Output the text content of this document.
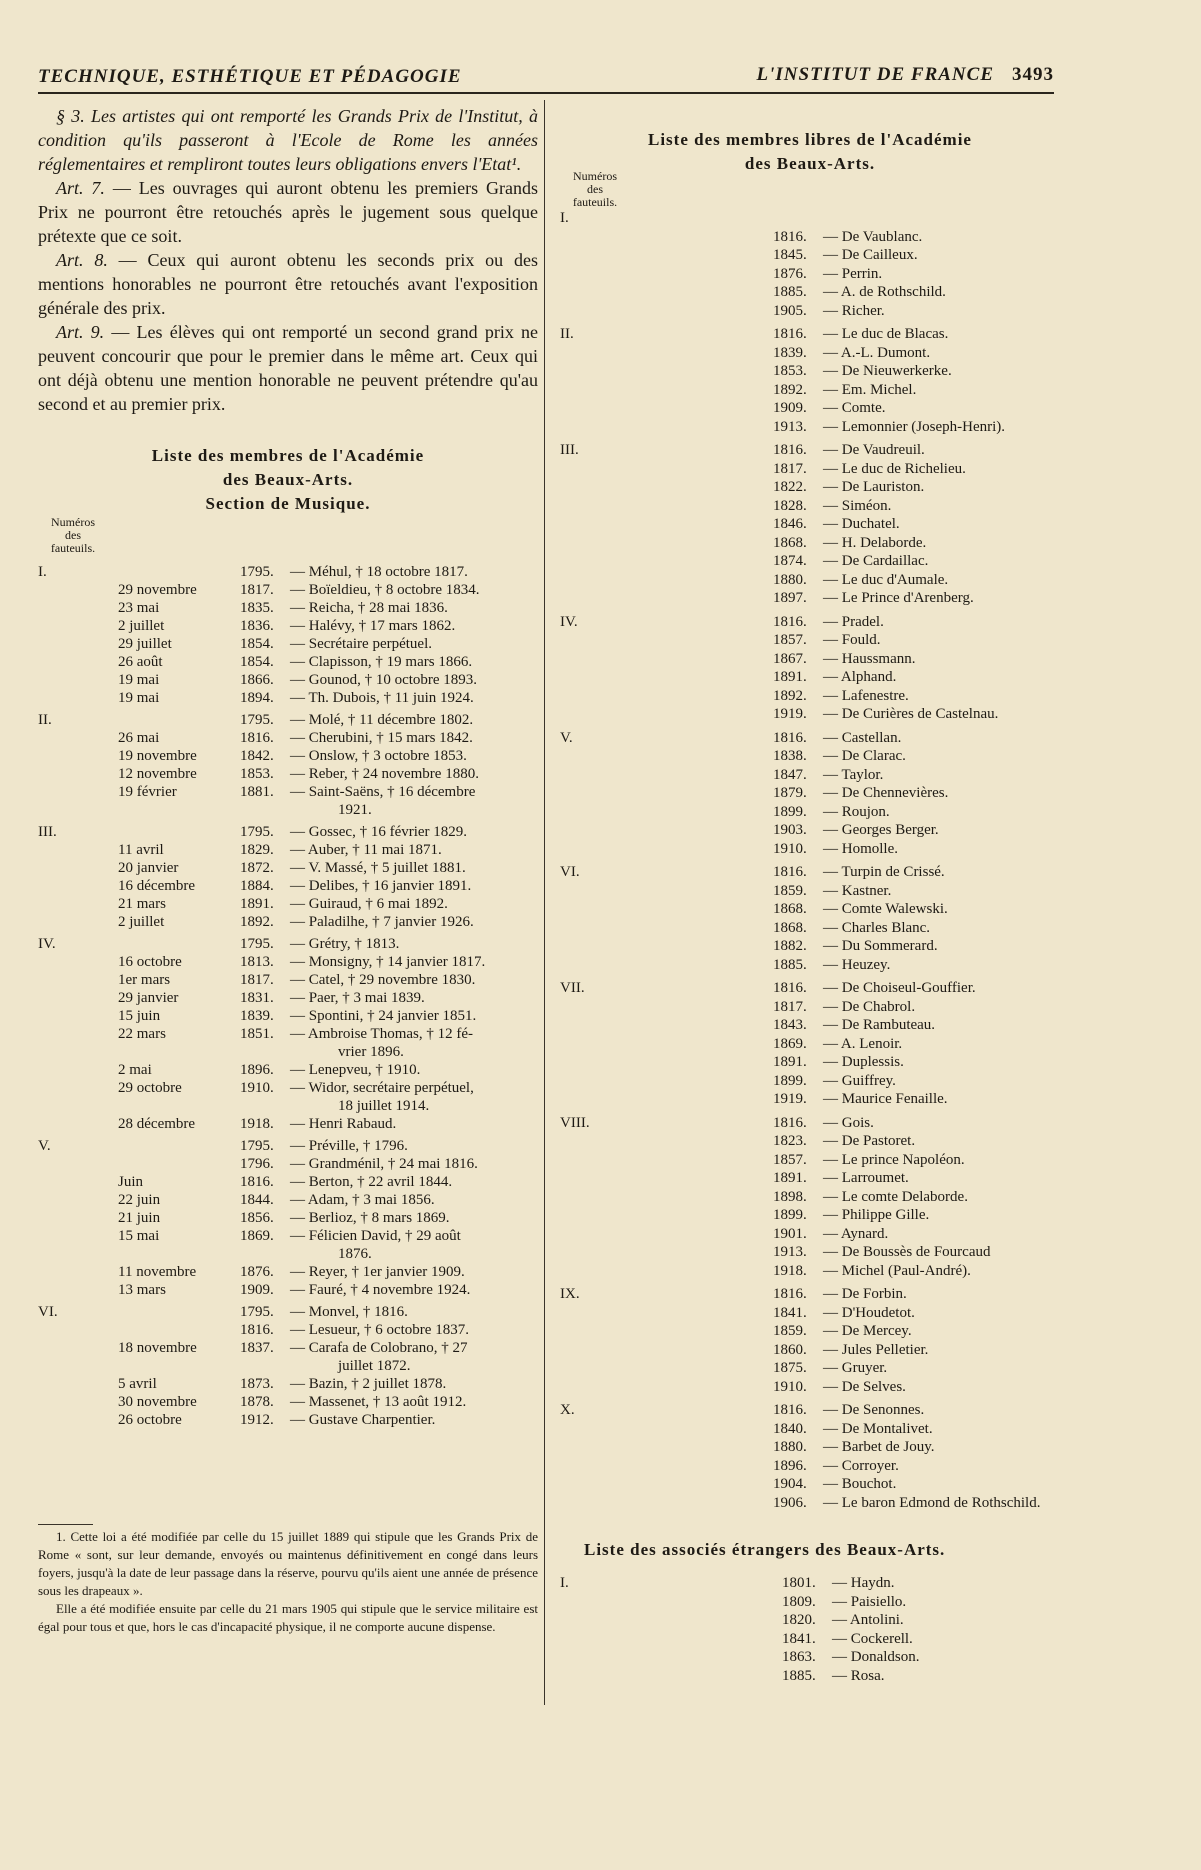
TECHNIQUE, ESTHÉTIQUE ET PÉDAGOGIE	L'INSTITUT DE FRANCE 3493

§ 3. Les artistes qui ont remporté les Grands Prix de l'Institut, à condition qu'ils passeront à l'Ecole de Rome les années réglementaires et rempliront toutes leurs obligations envers l'Etat¹.

Art. 7. — Les ouvrages qui auront obtenu les premiers Grands Prix ne pourront être retouchés après le jugement sous quelque prétexte que ce soit.

Art. 8. — Ceux qui auront obtenu les seconds prix ou des mentions honorables ne pourront être retouchés avant l'exposition générale des prix.

Art. 9. — Les élèves qui ont remporté un second grand prix ne peuvent concourir que pour le premier dans le même art. Ceux qui ont déjà obtenu une mention honorable ne peuvent prétendre qu'au second et au premier prix.

Liste des membres de l'Académie
des Beaux-Arts.
Section de Musique.
Numéros
des
fauteuils.
I.	1795. — Méhul, † 18 octobre 1817.
29 novembre	1817. — Boïeldieu, † 8 octobre 1834.
23 mai	1835. — Reicha, † 28 mai 1836.
2 juillet	1836. — Halévy, † 17 mars 1862.
29 juillet	1854. — Secrétaire perpétuel.
26 août	1854. — Clapisson, † 19 mars 1866.
19 mai	1866. — Gounod, † 10 octobre 1893.
19 mai	1894. — Th. Dubois, † 11 juin 1924.
II.	1795. — Molé, † 11 décembre 1802.
26 mai	1816. — Cherubini, † 15 mars 1842.
19 novembre	1842. — Onslow, † 3 octobre 1853.
12 novembre	1853. — Reber, † 24 novembre 1880.
19 février	1881. — Saint-Saëns, † 16 décembre
1921.
III.	1795. — Gossec, † 16 février 1829.
11 avril	1829. — Auber, † 11 mai 1871.
20 janvier	1872. — V. Massé, † 5 juillet 1881.
16 décembre	1884. — Delibes, † 16 janvier 1891.
21 mars	1891. — Guiraud, † 6 mai 1892.
2 juillet	1892. — Paladilhe, † 7 janvier 1926.
IV.	1795. — Grétry, † 1813.
16 octobre	1813. — Monsigny, † 14 janvier 1817.
1er mars	1817. — Catel, † 29 novembre 1830.
29 janvier	1831. — Paer, † 3 mai 1839.
15 juin	1839. — Spontini, † 24 janvier 1851.
22 mars	1851. — Ambroise Thomas, † 12 fé-
vrier 1896.
2 mai	1896. — Lenepveu, † 1910.
29 octobre	1910. — Widor, secrétaire perpétuel,
18 juillet 1914.
28 décembre	1918. — Henri Rabaud.
V.	1795. — Préville, † 1796.
1796. — Grandménil, † 24 mai 1816.
Juin	1816. — Berton, † 22 avril 1844.
22 juin	1844. — Adam, † 3 mai 1856.
21 juin	1856. — Berlioz, † 8 mars 1869.
15 mai	1869. — Félicien David, † 29 août
1876.
11 novembre	1876. — Reyer, † 1er janvier 1909.
13 mars	1909. — Fauré, † 4 novembre 1924.
VI.	1795. — Monvel, † 1816.
1816. — Lesueur, † 6 octobre 1837.
18 novembre	1837. — Carafa de Colobrano, † 27
juillet 1872.
5 avril	1873. — Bazin, † 2 juillet 1878.
30 novembre	1878. — Massenet, † 13 août 1912.
26 octobre	1912. — Gustave Charpentier.

1. Cette loi a été modifiée par celle du 15 juillet 1889 qui stipule que les Grands Prix de Rome « sont, sur leur demande, envoyés ou maintenus définitivement en congé dans leurs foyers, jusqu'à la date de leur passage dans la réserve, pourvu qu'ils aient une année de présence sous les drapeaux ».

Elle a été modifiée ensuite par celle du 21 mars 1905 qui stipule que le service militaire est égal pour tous et que, hors le cas d'incapacité physique, il ne comporte aucune dispense.

Liste des membres libres de l'Académie
des Beaux-Arts.
Numéros
des
fauteuils.
I.
1816. — De Vaublanc.
1845. — De Cailleux.
1876. — Perrin.
1885. — A. de Rothschild.
1905. — Richer.
II.	1816. — Le duc de Blacas.
1839. — A.-L. Dumont.
1853. — De Nieuwerkerke.
1892. — Em. Michel.
1909. — Comte.
1913. — Lemonnier (Joseph-Henri).
III.	1816. — De Vaudreuil.
1817. — Le duc de Richelieu.
1822. — De Lauriston.
1828. — Siméon.
1846. — Duchatel.
1868. — H. Delaborde.
1874. — De Cardaillac.
1880. — Le duc d'Aumale.
1897. — Le Prince d'Arenberg.
IV.	1816. — Pradel.
1857. — Fould.
1867. — Haussmann.
1891. — Alphand.
1892. — Lafenestre.
1919. — De Curières de Castelnau.
V.	1816. — Castellan.
1838. — De Clarac.
1847. — Taylor.
1879. — De Chennevières.
1899. — Roujon.
1903. — Georges Berger.
1910. — Homolle.
VI.	1816. — Turpin de Crissé.
1859. — Kastner.
1868. — Comte Walewski.
1868. — Charles Blanc.
1882. — Du Sommerard.
1885. — Heuzey.
VII.	1816. — De Choiseul-Gouffier.
1817. — De Chabrol.
1843. — De Rambuteau.
1869. — A. Lenoir.
1891. — Duplessis.
1899. — Guiffrey.
1919. — Maurice Fenaille.
VIII.	1816. — Gois.
1823. — De Pastoret.
1857. — Le prince Napoléon.
1891. — Larroumet.
1898. — Le comte Delaborde.
1899. — Philippe Gille.
1901. — Aynard.
1913. — De Boussès de Fourcaud
1918. — Michel (Paul-André).
IX.	1816. — De Forbin.
1841. — D'Houdetot.
1859. — De Mercey.
1860. — Jules Pelletier.
1875. — Gruyer.
1910. — De Selves.
X.	1816. — De Senonnes.
1840. — De Montalivet.
1880. — Barbet de Jouy.
1896. — Corroyer.
1904. — Bouchot.
1906. — Le baron Edmond de Rothschild.
Liste des associés étrangers des Beaux-Arts.
I.	1801. — Haydn.
1809. — Paisiello.
1820. — Antolini.
1841. — Cockerell.
1863. — Donaldson.
1885. — Rosa.
